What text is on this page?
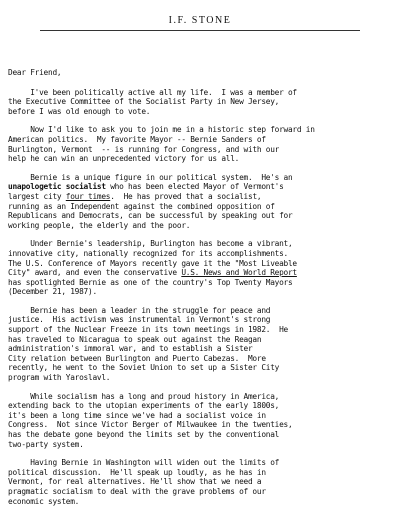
I.F. STONE
Dear Friend,
I've been politically active all my life.  I was a member of
the Executive Committee of the Socialist Party in New Jersey,
before I was old enough to vote.
Now I'd like to ask you to join me in a historic step forward in
American politics.  My favorite Mayor -- Bernie Sanders of
Burlington, Vermont  -- is running for Congress, and with our
help he can win an unprecedented victory for us all.
Bernie is a unique figure in our political system.  He's an
unapologetic socialist who has been elected Mayor of Vermont's
largest city four times.  He has proved that a socialist,
running as an Independent against the combined opposition of
Republicans and Democrats, can be successful by speaking out for
working people, the elderly and the poor.
Under Bernie's leadership, Burlington has become a vibrant,
innovative city, nationally recognized for its accomplishments.
The U.S. Conference of Mayors recently gave it the "Most Liveable
City" award, and even the conservative U.S. News and World Report
has spotlighted Bernie as one of the country's Top Twenty Mayors
(December 21, 1987).
Bernie has been a leader in the struggle for peace and
justice.  His activism was instrumental in Vermont's strong
support of the Nuclear Freeze in its town meetings in 1982.  He
has traveled to Nicaragua to speak out against the Reagan
administration's immoral war, and to establish a Sister
City relation between Burlington and Puerto Cabezas.  More
recently, he went to the Soviet Union to set up a Sister City
program with Yaroslavl.
While socialism has a long and proud history in America,
extending back to the utopian experiments of the early 1800s,
it's been a long time since we've had a socialist voice in
Congress.  Not since Victor Berger of Milwaukee in the twenties,
has the debate gone beyond the limits set by the conventional
two-party system.
Having Bernie in Washington will widen out the limits of
political discussion.  He'll speak up loudly, as he has in
Vermont, for real alternatives. He'll show that we need a
pragmatic socialism to deal with the grave problems of our
economic system.
